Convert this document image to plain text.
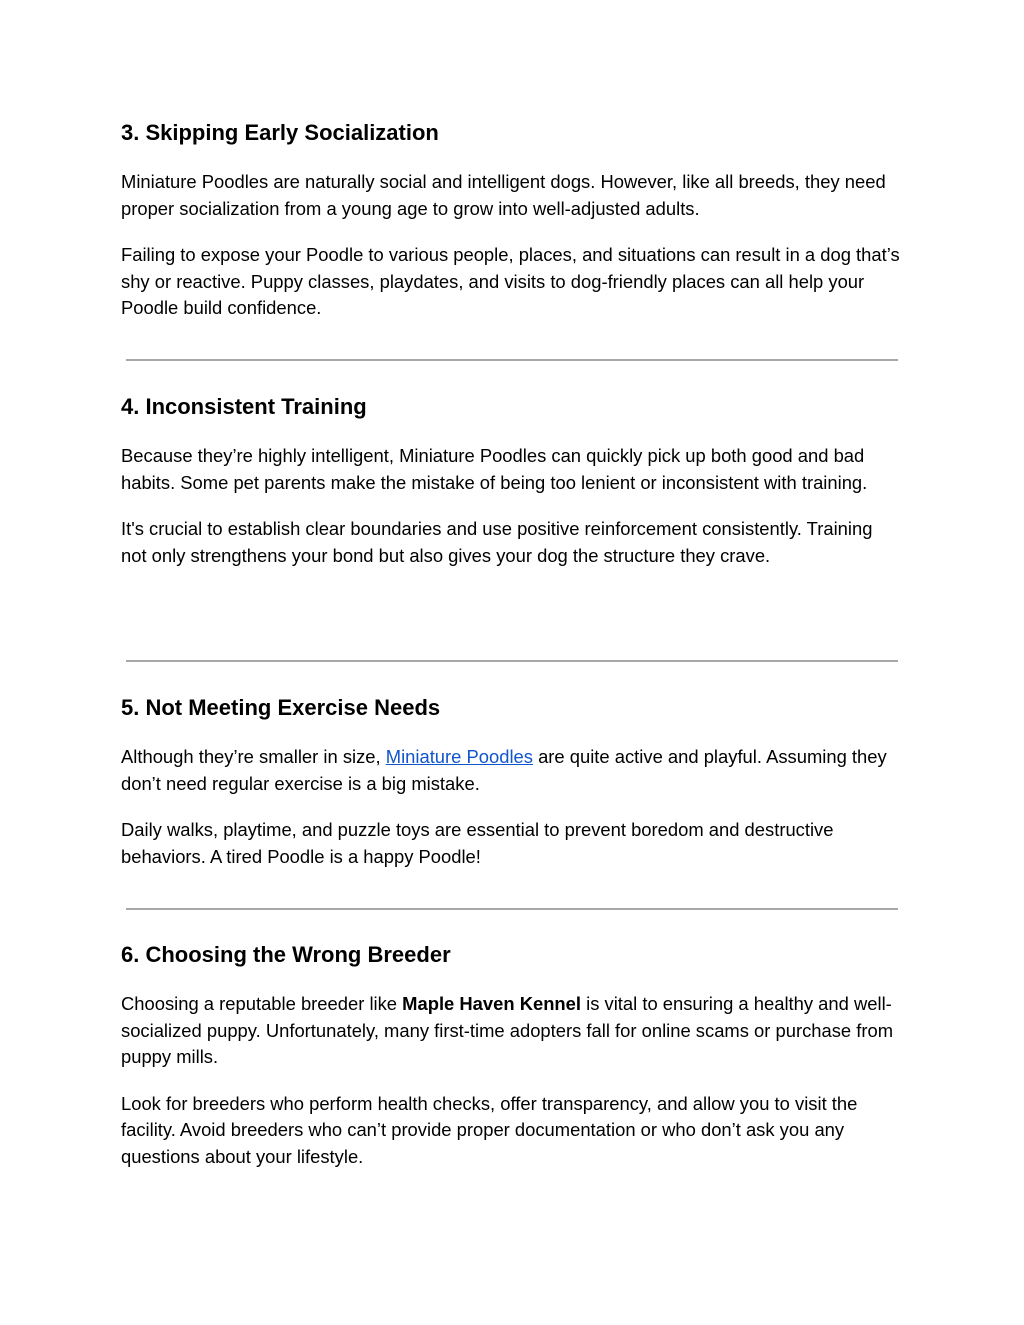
3. Skipping Early Socialization

Miniature Poodles are naturally social and intelligent dogs. However, like all breeds, they need proper socialization from a young age to grow into well-adjusted adults.

Failing to expose your Poodle to various people, places, and situations can result in a dog that’s shy or reactive. Puppy classes, playdates, and visits to dog-friendly places can all help your Poodle build confidence.

4. Inconsistent Training

Because they’re highly intelligent, Miniature Poodles can quickly pick up both good and bad habits. Some pet parents make the mistake of being too lenient or inconsistent with training.

It's crucial to establish clear boundaries and use positive reinforcement consistently. Training not only strengthens your bond but also gives your dog the structure they crave.

5. Not Meeting Exercise Needs

Although they’re smaller in size, Miniature Poodles are quite active and playful. Assuming they don’t need regular exercise is a big mistake.

Daily walks, playtime, and puzzle toys are essential to prevent boredom and destructive behaviors. A tired Poodle is a happy Poodle!

6. Choosing the Wrong Breeder

Choosing a reputable breeder like Maple Haven Kennel is vital to ensuring a healthy and well-socialized puppy. Unfortunately, many first-time adopters fall for online scams or purchase from puppy mills.

Look for breeders who perform health checks, offer transparency, and allow you to visit the facility. Avoid breeders who can’t provide proper documentation or who don’t ask you any questions about your lifestyle.
